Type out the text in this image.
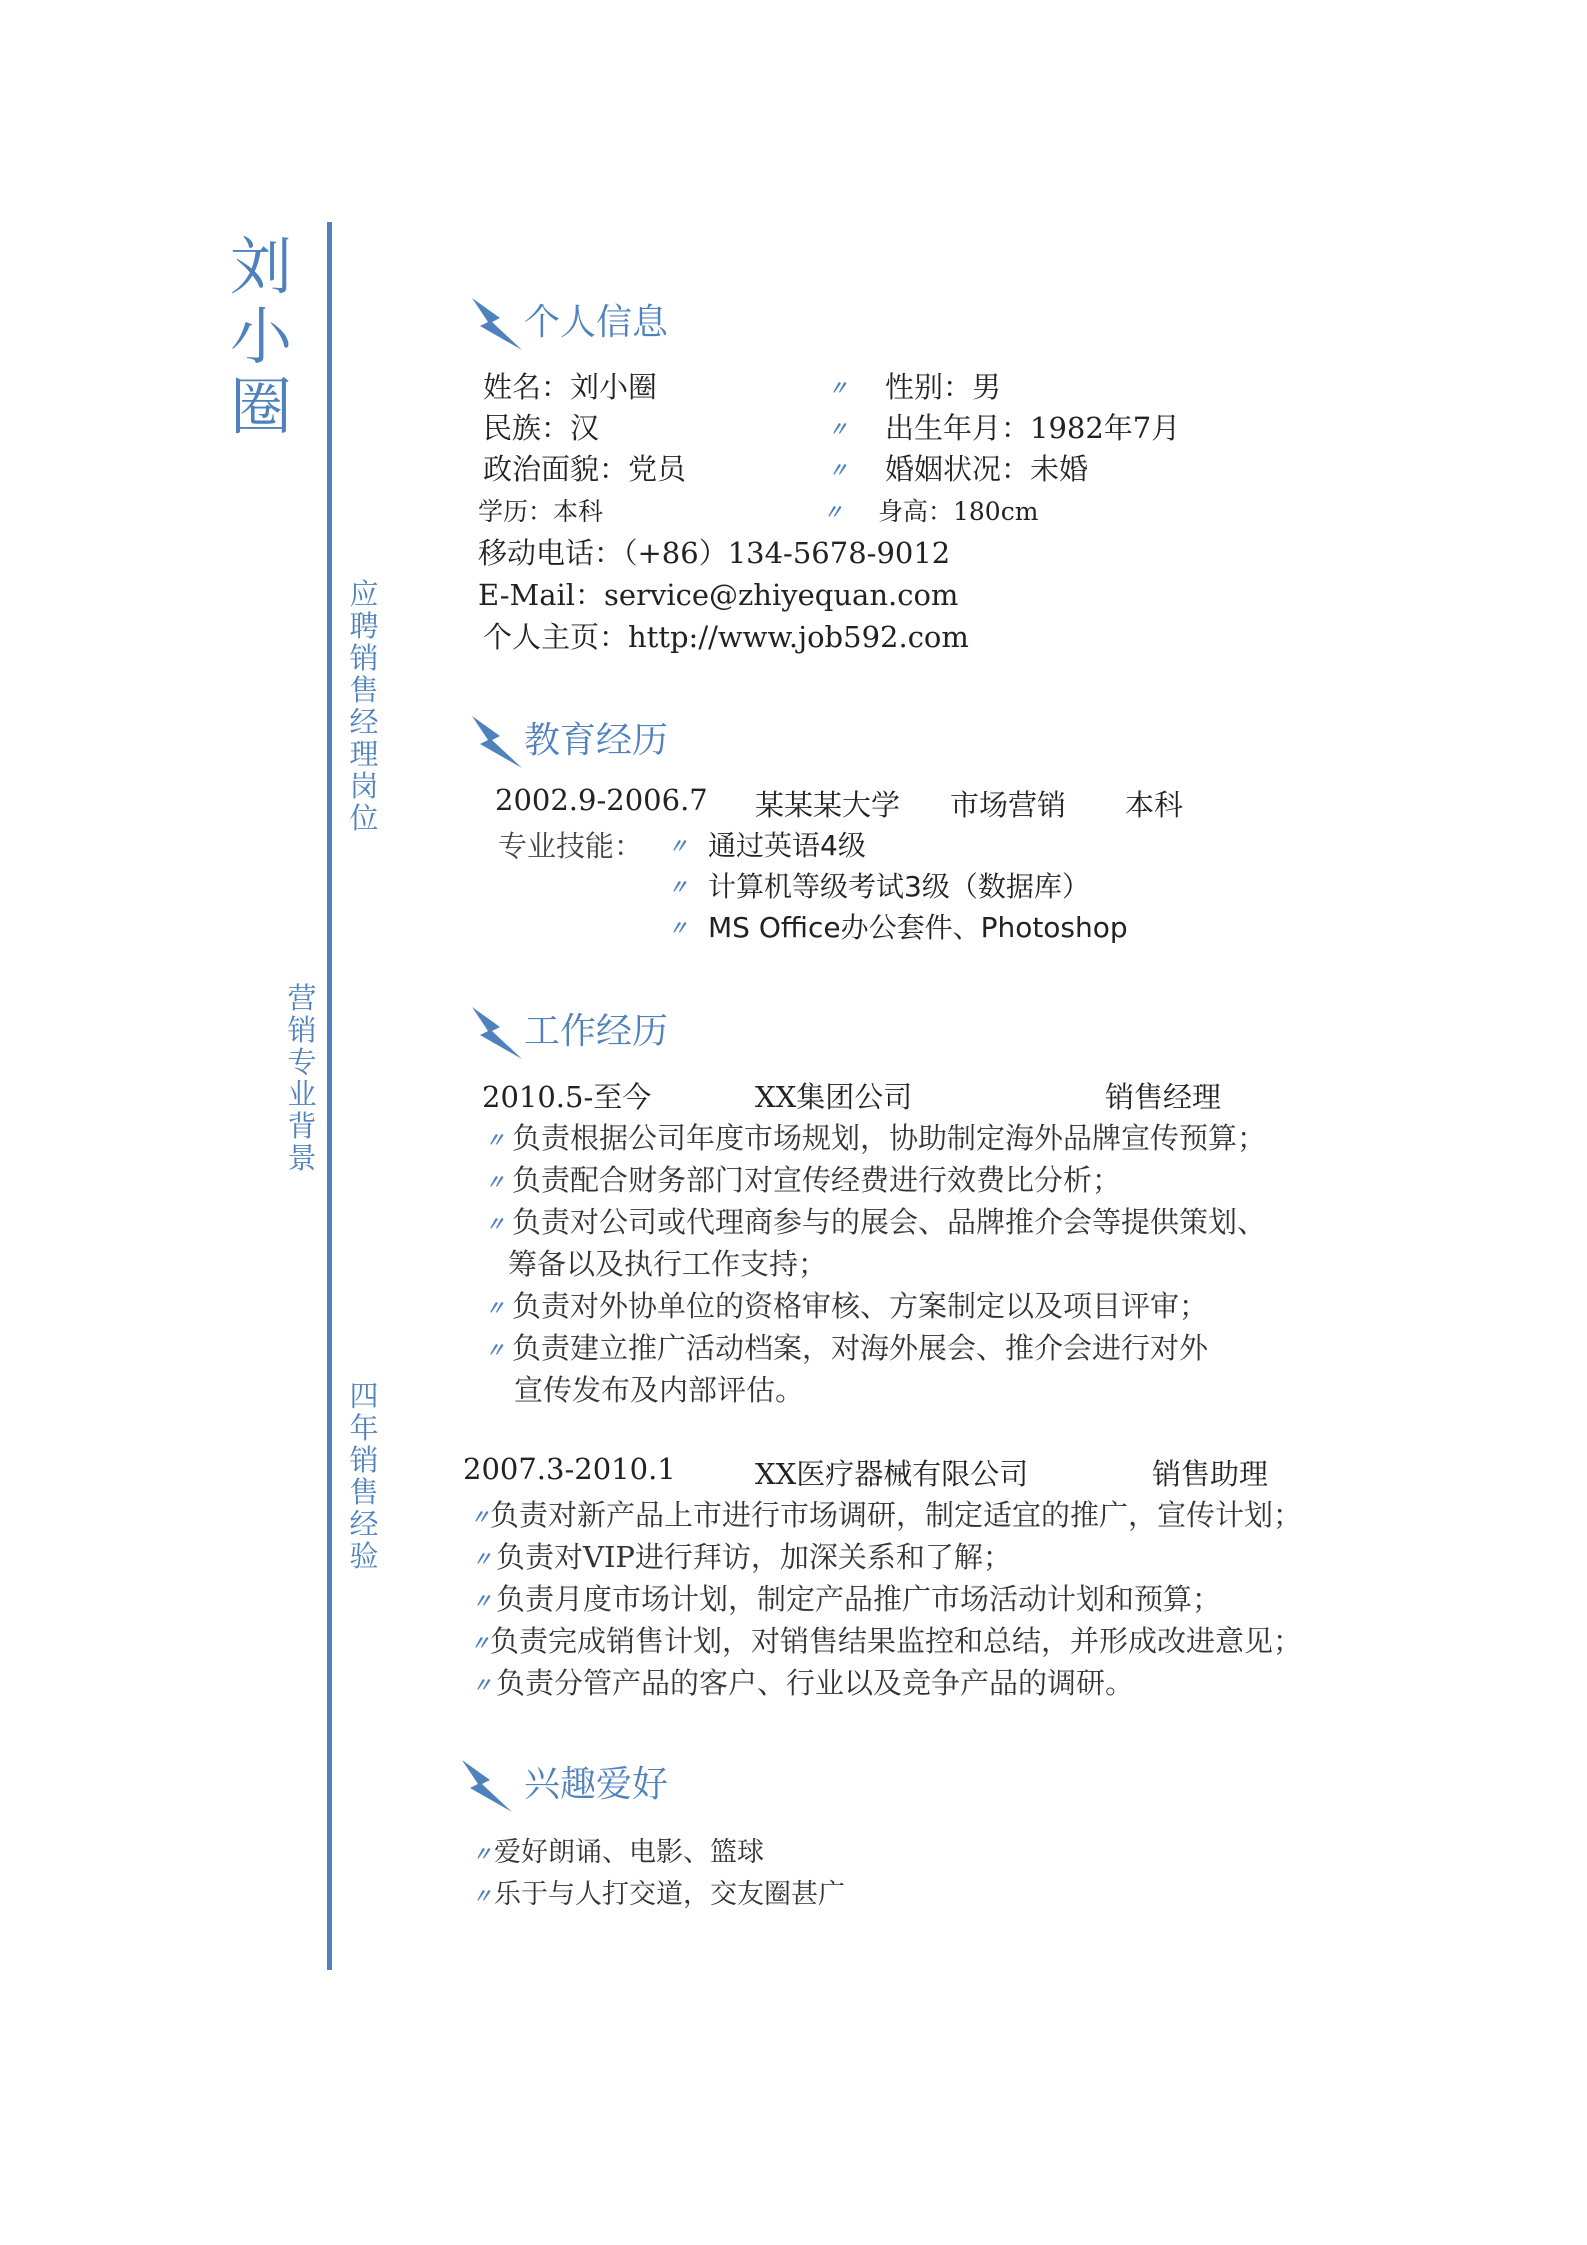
刘
小
圈
应聘销售经理岗位
营销专业背景
四年销售经验
个人信息
姓名：刘小圈	〃 性别：男
民族：汉	〃 出生年月：1982年7月
政治面貌：党员	〃 婚姻状况：未婚
学历：本科	〃 身高：180cm
移动电话：（+86）134-5678-9012
E-Mail：service@zhiyequan.com
个人主页：http://www.job592.com
教育经历
2002.9-2006.7 某某某大学 市场营销 本科
专业技能： 〃 通过英语4级
〃 计算机等级考试3级（数据库）
〃 MS Office办公套件、Photoshop
工作经历
2010.5-至今	XX集团公司	销售经理
〃 负责根据公司年度市场规划，协助制定海外品牌宣传预算；
〃 负责配合财务部门对宣传经费进行效费比分析；
〃 负责对公司或代理商参与的展会、品牌推介会等提供策划、
筹备以及执行工作支持；
〃 负责对外协单位的资格审核、方案制定以及项目评审；
〃 负责建立推广活动档案，对海外展会、推介会进行对外
宣传发布及内部评估。
2007.3-2010.1	XX医疗器械有限公司	销售助理
〃 负责对新产品上市进行市场调研，制定适宜的推广，宣传计划；
〃 负责对VIP进行拜访，加深关系和了解；
〃 负责月度市场计划，制定产品推广市场活动计划和预算；
〃 负责完成销售计划，对销售结果监控和总结，并形成改进意见；
〃 负责分管产品的客户、行业以及竞争产品的调研。
兴趣爱好
〃 爱好朗诵、电影、篮球
〃 乐于与人打交道，交友圈甚广
